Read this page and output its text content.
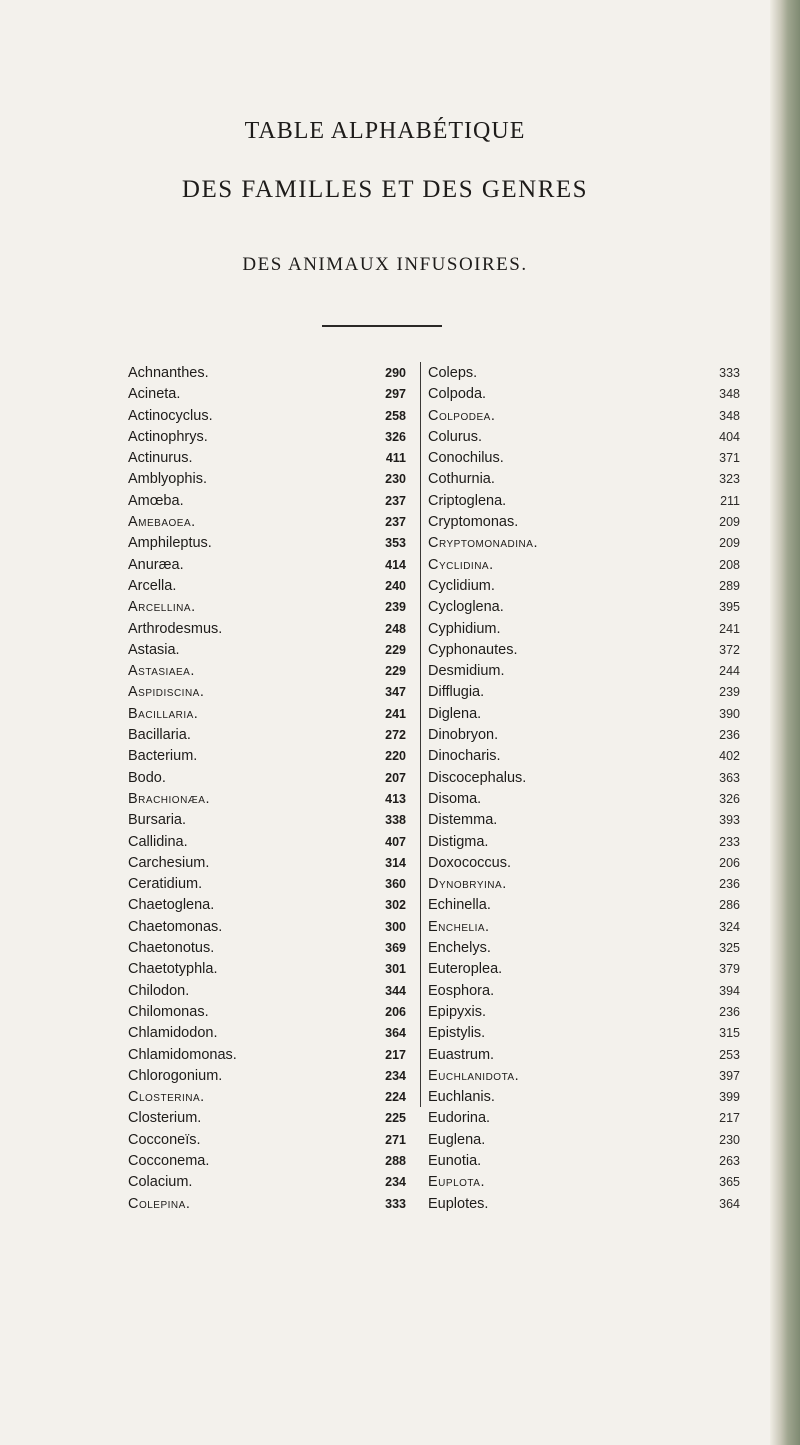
TABLE ALPHABÉTIQUE
DES FAMILLES ET DES GENRES
DES ANIMAUX INFUSOIRES.
Achnanthes.	290
Acineta.	297
Actinocyclus.	258
Actinophrys.	326
Actinurus.	411
Amblyophis.	230
Amœba.	237
Amebaoea.	237
Amphileptus.	353
Anuræa.	414
Arcella.	240
Arcellina.	239
Arthrodesmus.	248
Astasia.	229
Astasiaea.	229
Aspidiscina.	347
Bacillaria.	241
Bacillaria.	272
Bacterium.	220
Bodo.	207
Brachionæa.	413
Bursaria.	338
Callidina.	407
Carchesium.	314
Ceratidium.	360
Chaetoglena.	302
Chaetomonas.	300
Chaetonotus.	369
Chaetotyphla.	301
Chilodon.	344
Chilomonas.	206
Chlamidodon.	364
Chlamidomonas.	217
Chlorogonium.	234
Closterina.	224
Closterium.	225
Cocconeïs.	271
Cocconema.	288
Colacium.	234
Colepina.	333
Coleps.	333
Colpoda.	348
Colpodea.	348
Colurus.	404
Conochilus.	371
Cothurnia.	323
Criptoglena.	211
Cryptomonas.	209
Cryptomonadina.	209
Cyclidina.	208
Cyclidium.	289
Cycloglena.	395
Cyphidium.	241
Cyphonautes.	372
Desmidium.	244
Difflugia.	239
Diglena.	390
Dinobryon.	236
Dinocharis.	402
Discocephalus.	363
Disoma.	326
Distemma.	393
Distigma.	233
Doxococcus.	206
Dynobryina.	236
Echinella.	286
Enchelia.	324
Enchelys.	325
Euteroplea.	379
Eosphora.	394
Epipyxis.	236
Epistylis.	315
Euastrum.	253
Euchlanidota.	397
Euchlanis.	399
Eudorina.	217
Euglena.	230
Eunotia.	263
Euplota.	365
Euplotes.	364
